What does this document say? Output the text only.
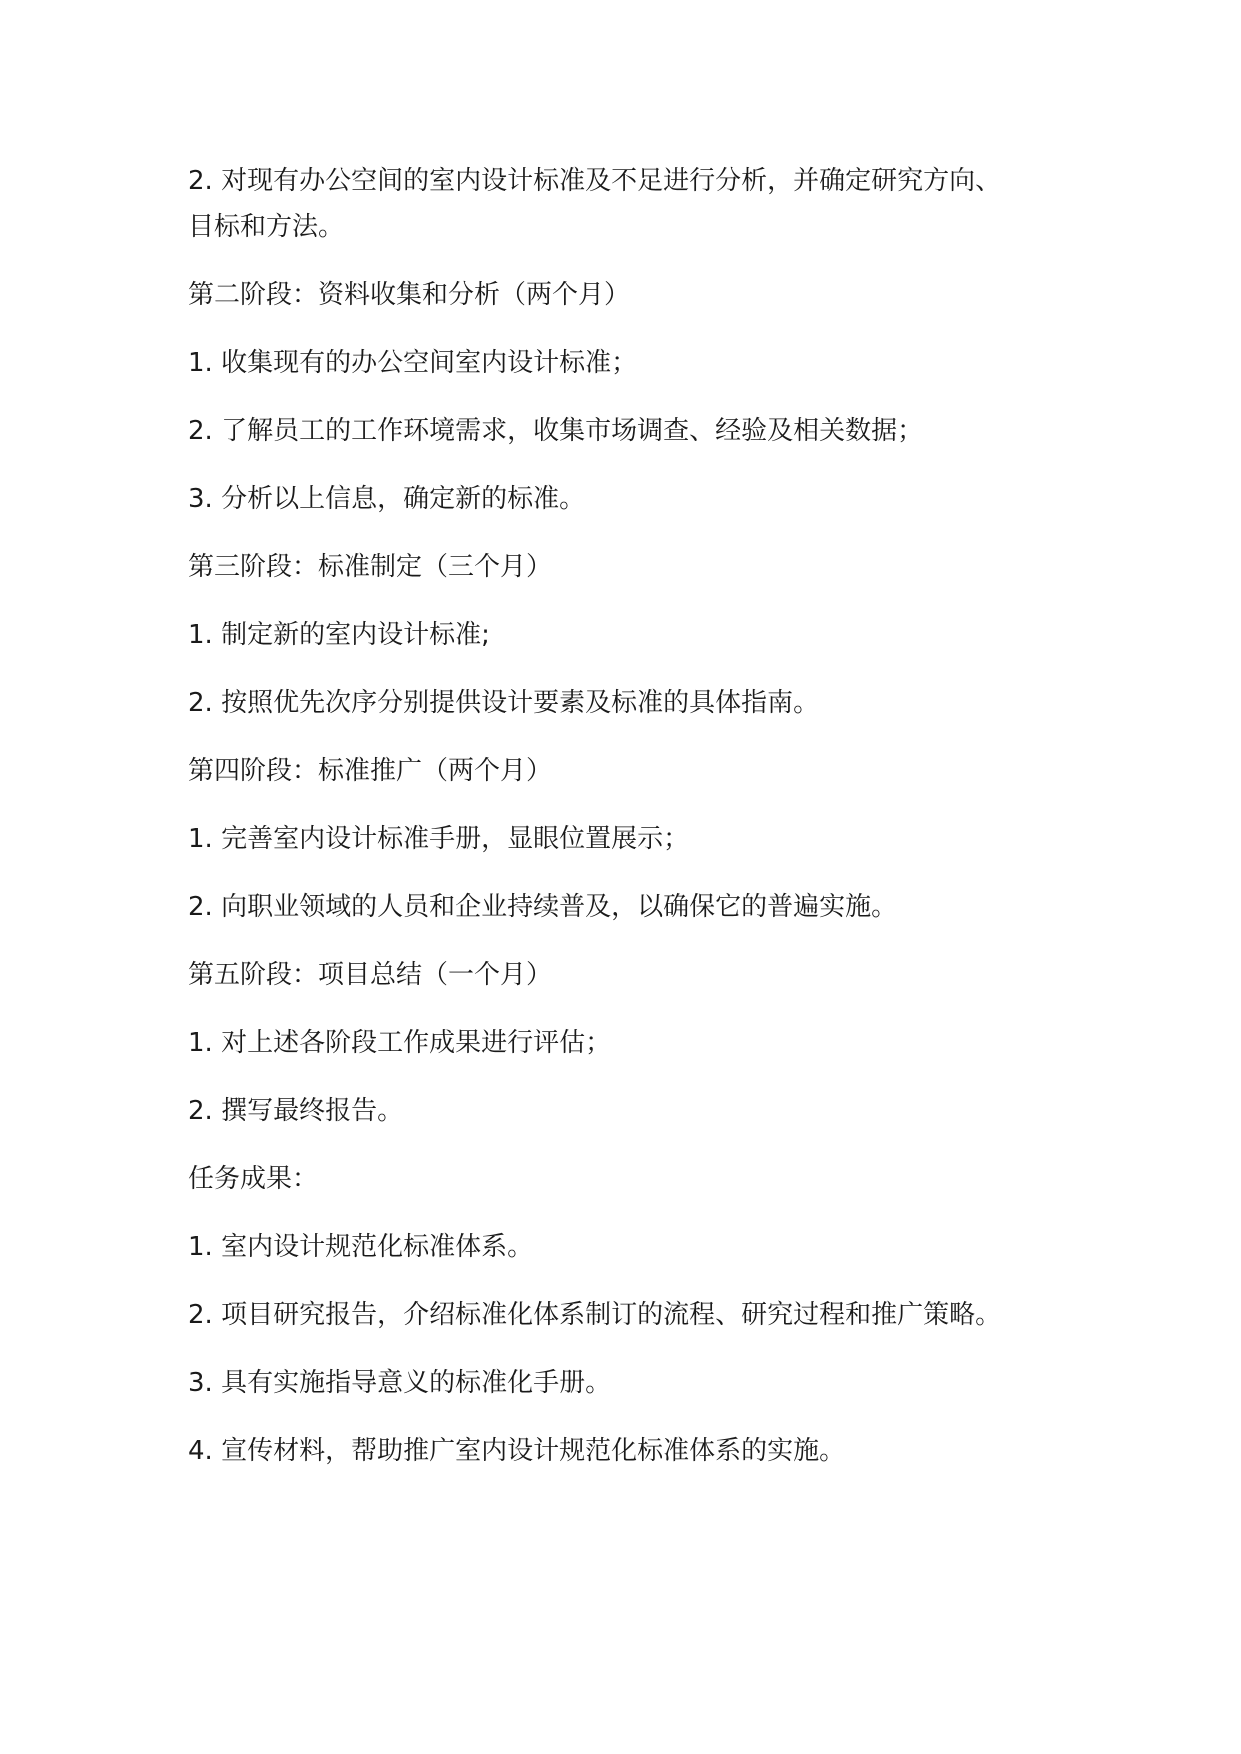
2. 对现有办公空间的室内设计标准及不足进行分析，并确定研究方向、

目标和方法。

第二阶段：资料收集和分析（两个月）

1. 收集现有的办公空间室内设计标准；

2. 了解员工的工作环境需求，收集市场调查、经验及相关数据；

3. 分析以上信息，确定新的标准。

第三阶段：标准制定（三个月）

1. 制定新的室内设计标准;

2. 按照优先次序分别提供设计要素及标准的具体指南。

第四阶段：标准推广（两个月）

1. 完善室内设计标准手册，显眼位置展示；

2. 向职业领域的人员和企业持续普及，以确保它的普遍实施。

第五阶段：项目总结（一个月）

1. 对上述各阶段工作成果进行评估；

2. 撰写最终报告。

任务成果：

1. 室内设计规范化标准体系。

2. 项目研究报告，介绍标准化体系制订的流程、研究过程和推广策略。

3. 具有实施指导意义的标准化手册。

4. 宣传材料，帮助推广室内设计规范化标准体系的实施。
